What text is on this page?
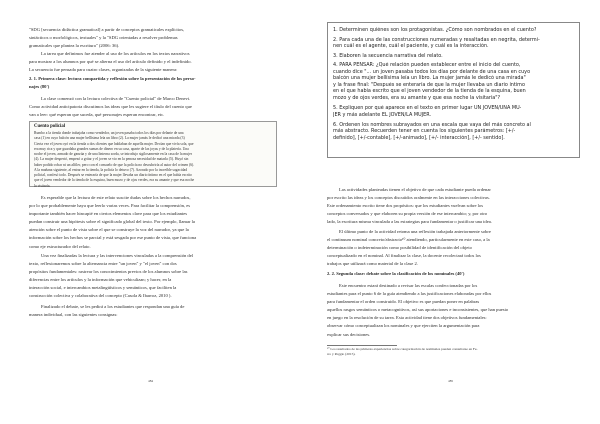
"SDG [secuencia didáctica gramatical] a partir de conceptos gramaticales explícitos,
sintácticos o morfológicos, textuales" y la "SDG orientadas a resolver problemas
gramaticales que plantea la escritura" (2006: 36).
La tarea que definimos fue atender al uso de los artículos en los textos narrativos
para mostrar a los alumnos por qué se alterna el uso del artículo definido y el indefinido.
La secuencia fue pensada para cuatro clases, organizadas de la siguiente manera:
2. 1. Primera clase: lectura compartida y reflexión sobre la presentación de los perso-
najes (80')
La clase comenzó con la lectura colectiva de "Cuento policial" de Marco Denevi.
Como actividad anticipatoria discutimos las ideas que les sugiere el título del cuento que
van a leer: qué esperan que suceda, qué personajes esperan encontrar, etc.
Cuento policial
Rumbo a la tienda donde trabajaba como vendedor, un joven pasaba todos los días por delante de una
casa (1) en cuyo balcón una mujer bellísima leía un libro (2). La mujer jamás le dedicó una mirada (3)
Cierta vez el joven oyó en la tienda a dos clientes que hablaban de aquella mujer. Decían que vivía sola, que
era muy rica y que guardaba grandes sumas de dinero en su casa, aparte de las joyas y de la platería. Una
noche el joven, armado de ganzúa y de una linterna sorda, se introdujo sigilosamente en la casa de la mujer
(4). La mujer despertó, empezó a gritar y el joven se vio en la penosa necesidad de matarla (5). Huyó sin
haber podido robar ni un alfiler, pero con el consuelo de que la policía no descubriría al autor del crimen (6).
A la mañana siguiente, al entrar en la tienda, la policía lo detuvo (7). Azorado por la increíble sagacidad
policial, confesó todo. Después se enteraría de que la mujer llevaba un diario íntimo en el que había escrito
que el joven vendedor de la tienda de la esquina, buen mozo y de ojos verdes, era su amante y que esa noche
la visitaría.
Es esperable que la lectura de este relato suscite dudas sobre los hechos narrados,
por lo que probablemente haya que leerlo varias veces. Para facilitar la comprensión, es
importante también hacer hincapié en ciertos elementos clave para que los estudiantes
puedan construir una hipótesis sobre el significado global del texto. Por ejemplo, llamar la
atención sobre el punto de vista sobre el que se construye la voz del narrador, ya que la
información sobre los hechos se parcial y está sesgada por ese punto de vista, que funciona
como eje estructurador del relato.
Una vez finalizadas la lectura y las intervenciones vinculadas a la comprensión del
texto, reflexionaremos sobre la alternancia entre "un joven" y "el joven" con dos
propósitos fundamentales: rastrear los conocimientos previos de los alumnos sobre las
diferencias entre los artículos y la información que vehiculizan; y hacer, en la
interacción social, e intercambios metalingüísticos y semánticos, que faciliten la
construcción colectiva y colaborativa del concepto (Casola & Ibarroz, 2010 ).
Finalizado el debate, se les pedirá a los estudiantes que respondan una guía de
manera individual, con las siguientes consignas:
484
1. Determinen quiénes son los protagonistas. ¿Cómo son nombrados en el cuento?
2. Para cada una de las construcciones numeradas y resaltadas en negrita, determi-
nen cuál es el agente, cuál el paciente, y cuál es la interacción.
3. Elaboren la secuencia narrativa del relato.
4. PARA PENSAR: ¿Qué relación pueden establecer entre el inicio del cuento,
cuando dice "... un joven pasaba todos los días por delante de una casa en cuyo
balcón una mujer bellísima leía un libro. La mujer jamás le dedicó una mirada"
y la frase final: "Después se enteraría de que la mujer llevaba un diario íntimo
en el que había escrito que el joven vendedor de la tienda de la esquina, buen
mozo y de ojos verdes, era su amante y que esa noche la visitaría"?
5. Expliquen por qué aparece en el texto en primer lugar UN JOVEN/UNA MU-
JER y más adelante EL JOVEN/LA MUJER.
6. Ordenen los nombres subrayados en una escala que vaya del más concreto al
más abstracto. Recuerden tener en cuenta los siguientes parámetros: [+/-
definido], [+/-contable], [+/-animado], [+/- interacción], [+/- sentido].
Las actividades planteadas tienen el objetivo de que cada estudiante pueda ordenar
por escrito las ideas y los conceptos discutidos oralmente en las interacciones colectivas.
Este ordenamiento escrito tiene dos propósitos: que los estudiantes vuelvan sobre los
conceptos conversados y que elaboren su propia versión de ese intercambio; y, por otro
lado, la escritura misma vinculada a las estrategias para fundamentar o justificar una idea.
El último punto de la actividad retoma una reflexión trabajada anteriormente sobre
el continuum nominal concreto/abstracto¹⁰ atendiendo, particularmente en este caso, a la
determinación o indeterminación como posibilidad de identificación del objeto
conceptualizado en el nominal. Al finalizar la clase, la docente recolectará todos los
trabajos que utilizará como material de la clase 2.
2. 2. Segunda clase: debate sobre la clasificación de los nominales (40')
Este encuentro estará destinado a revisar las escalas confeccionadas por los
estudiantes para el punto 6 de la guía atendiendo a las justificaciones elaboradas por ellos
para fundamentar el orden construido. El objetivo es que puedan poner en palabras
aquellos rasgos semánticos o metacognitivos, así sus aportaciones e inconsistentes, que han puesto
en juego en la resolución de su tarea. Esta actividad tiene dos objetivos fundamentales:
observar cómo conceptualizan los nominales y que ejerciten la argumentación para
explicar sus decisiones.
¹⁰ Los resultados de las primeras experiencias sobre categorización de nominales pueden consultarse en Fe-
rro y Peggio (2015).
485
